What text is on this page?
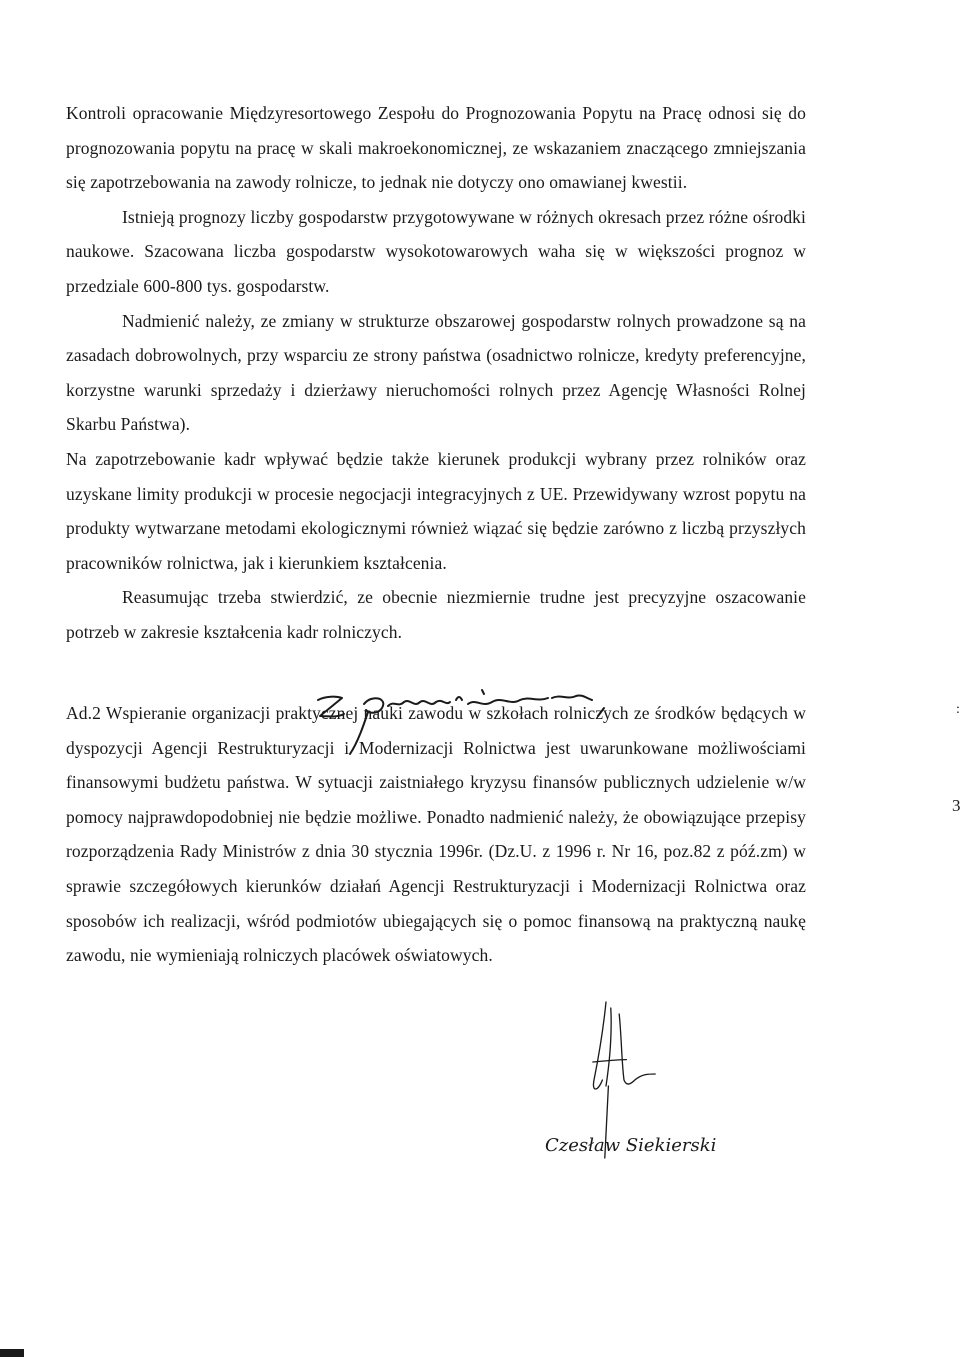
Kontroli opracowanie Międzyresortowego Zespołu do Prognozowania Popytu na Pracę odnosi się do prognozowania popytu na pracę w skali makroekonomicznej, ze wskazaniem znaczącego zmniejszania się zapotrzebowania na zawody rolnicze, to jednak nie dotyczy ono omawianej kwestii.

Istnieją prognozy liczby gospodarstw przygotowywane w różnych okresach przez różne ośrodki naukowe. Szacowana liczba gospodarstw wysokotowarowych waha się w większości prognoz w przedziale 600-800 tys. gospodarstw.

Nadmienić należy, ze zmiany w strukturze obszarowej gospodarstw rolnych prowadzone są na zasadach dobrowolnych, przy wsparciu ze strony państwa (osadnictwo rolnicze, kredyty preferencyjne, korzystne warunki sprzedaży i dzierżawy nieruchomości rolnych przez Agencję Własności Rolnej Skarbu Państwa).

Na zapotrzebowanie kadr wpływać będzie także kierunek produkcji wybrany przez rolników oraz uzyskane limity produkcji w procesie negocjacji integracyjnych z UE. Przewidywany wzrost popytu na produkty wytwarzane metodami ekologicznymi również wiązać się będzie zarówno z liczbą przyszłych pracowników rolnictwa, jak i kierunkiem kształcenia.

Reasumując trzeba stwierdzić, ze obecnie niezmiernie trudne jest precyzyjne oszacowanie potrzeb w zakresie kształcenia kadr rolniczych.

Ad.2 Wspieranie organizacji praktycznej nauki zawodu w szkołach rolniczych ze środków będących w dyspozycji Agencji Restrukturyzacji i Modernizacji Rolnictwa jest uwarunkowane możliwościami finansowymi budżetu państwa. W sytuacji zaistniałego kryzysu finansów publicznych udzielenie w/w pomocy najprawdopodobniej nie będzie możliwe. Ponadto nadmienić należy, że obowiązujące przepisy rozporządzenia Rady Ministrów z dnia 30 stycznia 1996r. (Dz.U. z 1996 r. Nr 16, poz.82 z póź.zm) w sprawie szczegółowych kierunków działań Agencji Restrukturyzacji i Modernizacji Rolnictwa oraz sposobów ich realizacji, wśród podmiotów ubiegających się o pomoc finansową na praktyczną naukę zawodu, nie wymieniają rolniczych placówek oświatowych.

:
3
Czesław Siekierski
